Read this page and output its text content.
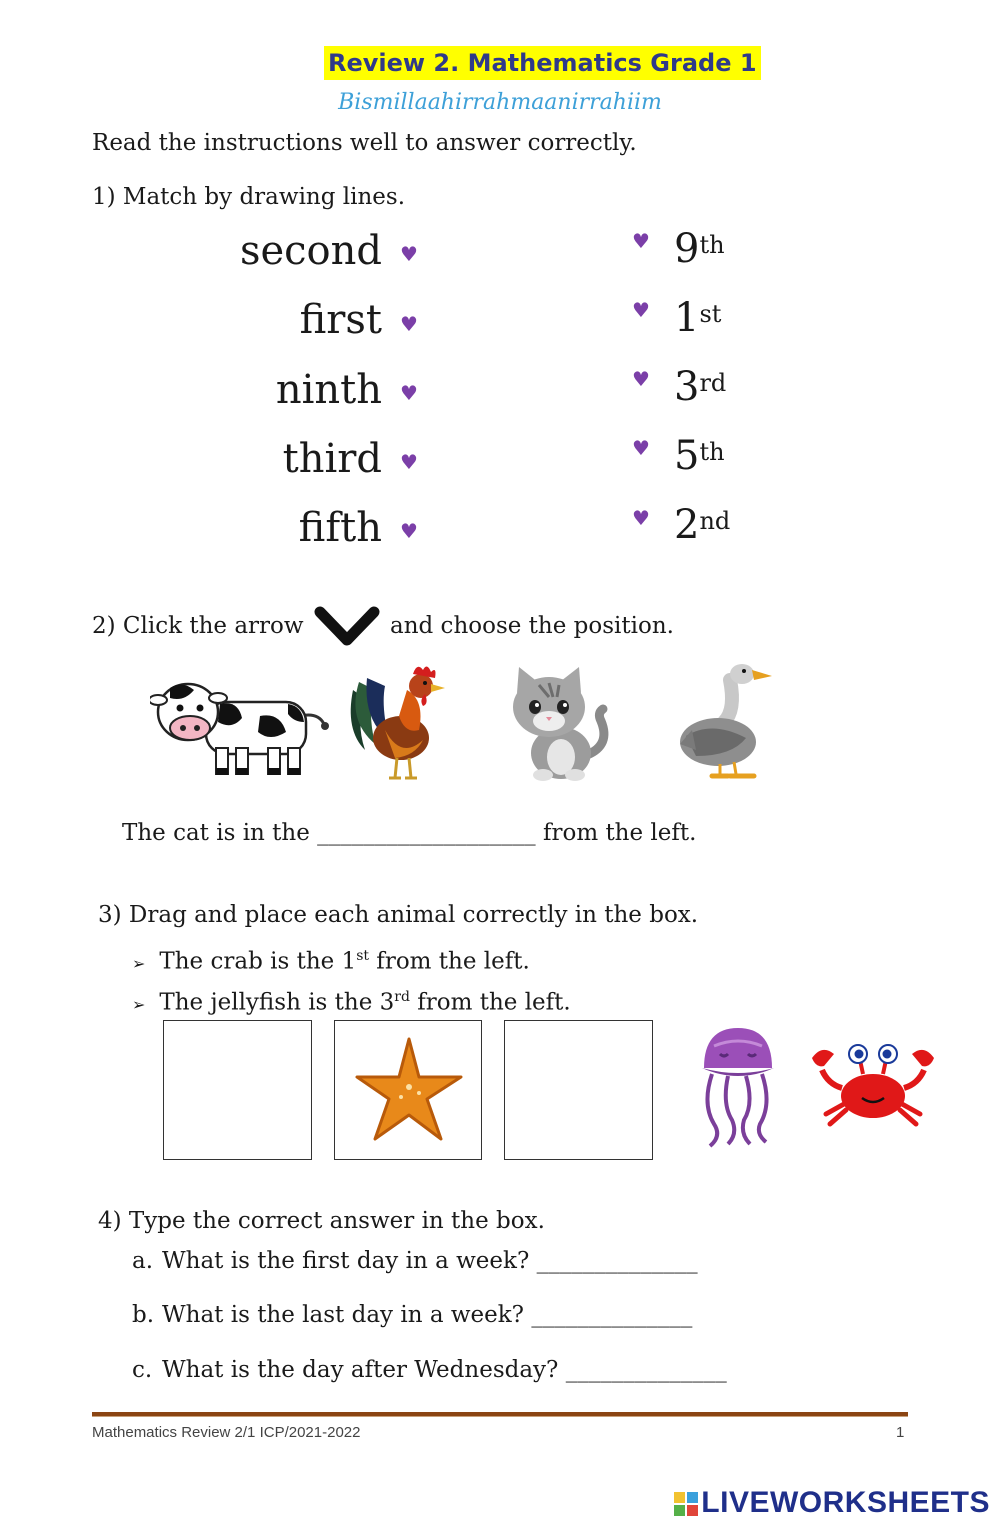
Review 2. Mathematics Grade 1
Bismillaahirrahmaanirrahiim
Read the instructions well to answer correctly.
1) Match by drawing lines.
second
first
ninth
third
fifth
♥
♥
♥
♥
♥
♥
♥
♥
♥
♥
9th
1st
3rd
5th
2nd
2) Click the arrow	and choose the position.
The cat is in the ___________________ from the left.
3) Drag and place each animal correctly in the box.
➢ The crab is the 1st from the left.
➢ The jellyfish is the 3rd from the left.
4) Type the correct answer in the box.
a. What is the first day in a week? ______________
b. What is the last day in a week? ______________
c. What is the day after Wednesday? ______________
Mathematics Review 2/1 ICP/2021-2022	1
LIVEWORKSHEETS
